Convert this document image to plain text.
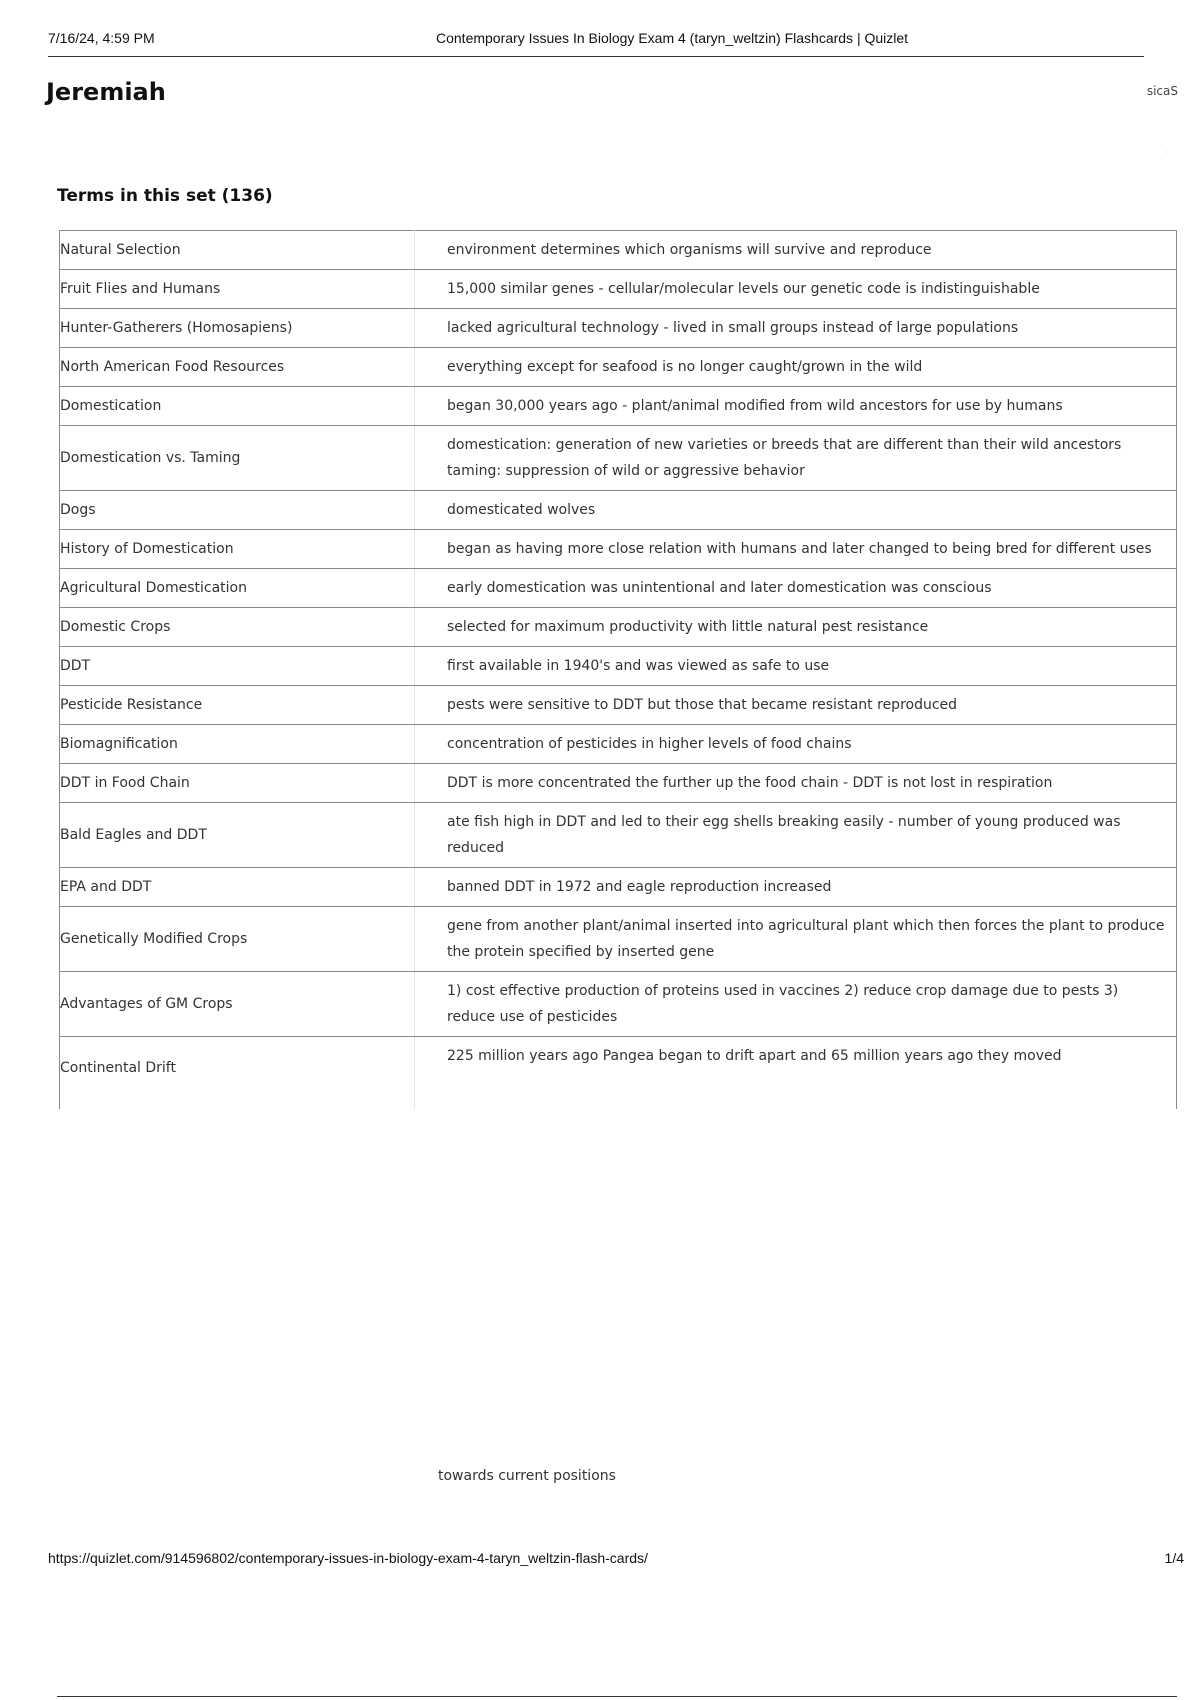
7/16/24, 4:59 PM	Contemporary Issues In Biology Exam 4 (taryn_weltzin) Flashcards | Quizlet
Jeremiah	sicaS
·
Terms in this set (136)
Natural Selection	environment determines which organisms will survive and reproduce

Fruit Flies and Humans	15,000 similar genes - cellular/molecular levels our genetic code is indistinguishable

Hunter-Gatherers (Homosapiens)	lacked agricultural technology - lived in small groups instead of large populations

North American Food Resources	everything except for seafood is no longer caught/grown in the wild

Domestication	began 30,000 years ago - plant/animal modified from wild ancestors for use by humans

Domestication vs. Taming	domestication: generation of new varieties or breeds that are different than their wild ancestors
taming: suppression of wild or aggressive behavior

Dogs	domesticated wolves

History of Domestication	began as having more close relation with humans and later changed to being bred for different uses

Agricultural Domestication	early domestication was unintentional and later domestication was conscious

Domestic Crops	selected for maximum productivity with little natural pest resistance

DDT	first available in 1940's and was viewed as safe to use

Pesticide Resistance	pests were sensitive to DDT but those that became resistant reproduced

Biomagnification	concentration of pesticides in higher levels of food chains

DDT in Food Chain	DDT is more concentrated the further up the food chain - DDT is not lost in respiration

Bald Eagles and DDT	ate fish high in DDT and led to their egg shells breaking easily - number of young produced was reduced

EPA and DDT	banned DDT in 1972 and eagle reproduction increased

Genetically Modified Crops	gene from another plant/animal inserted into agricultural plant which then forces the plant to produce the protein specified by inserted gene

Advantages of GM Crops	1) cost effective production of proteins used in vaccines 2) reduce crop damage due to pests 3) reduce use of pesticides

Continental Drift	225 million years ago Pangea began to drift apart and 65 million years ago they moved
towards current positions
https://quizlet.com/914596802/contemporary-issues-in-biology-exam-4-taryn_weltzin-flash-cards/	1/4
